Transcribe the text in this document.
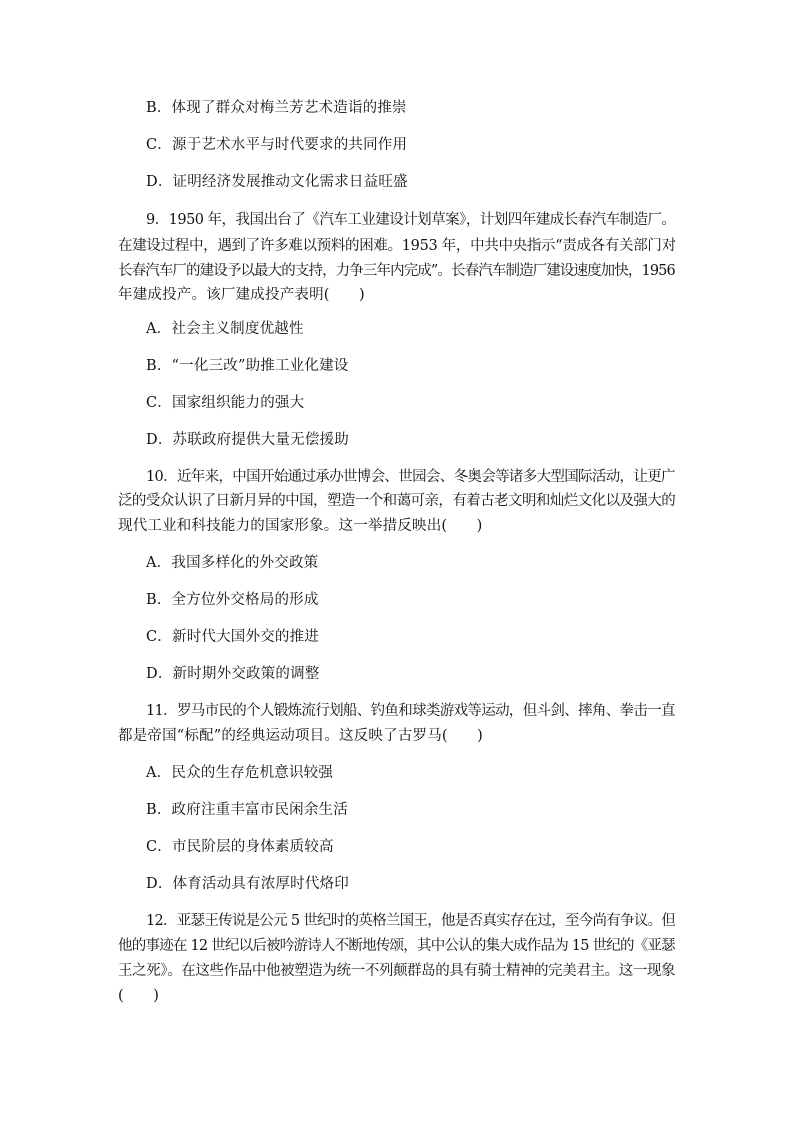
B．体现了群众对梅兰芳艺术造诣的推崇
C．源于艺术水平与时代要求的共同作用
D．证明经济发展推动文化需求日益旺盛
9．1950 年，我国出台了《汽车工业建设计划草案》，计划四年建成长春汽车制造厂。
在建设过程中，遇到了许多难以预料的困难。1953 年，中共中央指示“责成各有关部门对
长春汽车厂的建设予以最大的支持，力争三年内完成”。长春汽车制造厂建设速度加快，1956
年建成投产。该厂建成投产表明(　　)
A．社会主义制度优越性
B．“一化三改”助推工业化建设
C．国家组织能力的强大
D．苏联政府提供大量无偿援助
10．近年来，中国开始通过承办世博会、世园会、冬奥会等诸多大型国际活动，让更广
泛的受众认识了日新月异的中国，塑造一个和蔼可亲，有着古老文明和灿烂文化以及强大的
现代工业和科技能力的国家形象。这一举措反映出(　　)
A．我国多样化的外交政策
B．全方位外交格局的形成
C．新时代大国外交的推进
D．新时期外交政策的调整
11．罗马市民的个人锻炼流行划船、钓鱼和球类游戏等运动，但斗剑、摔角、拳击一直
都是帝国“标配”的经典运动项目。这反映了古罗马(　　)
A．民众的生存危机意识较强
B．政府注重丰富市民闲余生活
C．市民阶层的身体素质较高
D．体育活动具有浓厚时代烙印
12．亚瑟王传说是公元 5 世纪时的英格兰国王，他是否真实存在过，至今尚有争议。但
他的事迹在 12 世纪以后被吟游诗人不断地传颂，其中公认的集大成作品为 15 世纪的《亚瑟
王之死》。在这些作品中他被塑造为统一不列颠群岛的具有骑士精神的完美君主。这一现象
(　　)
